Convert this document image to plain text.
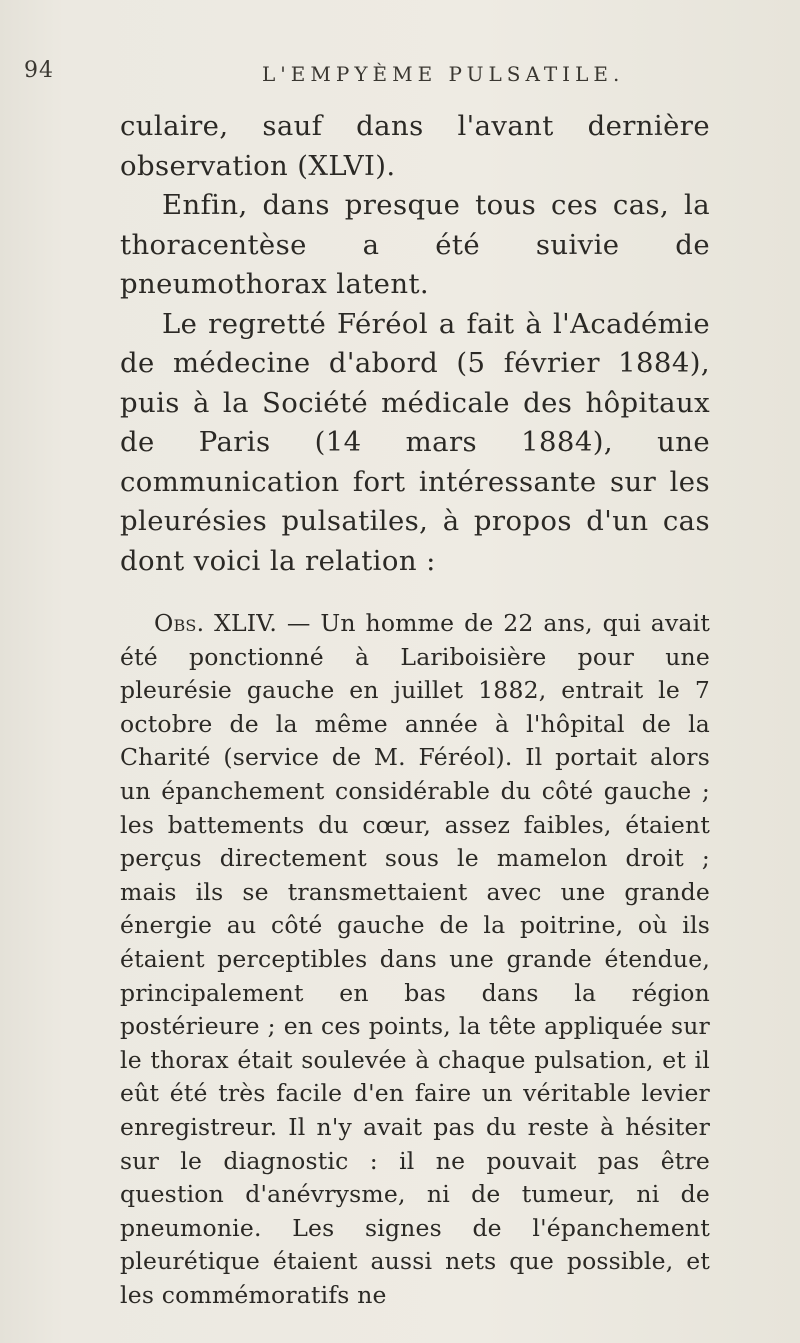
94	L'EMPYÈME PULSATILE.

culaire, sauf dans l'avant dernière observation (XLVI).

Enfin, dans presque tous ces cas, la thoracentèse a été suivie de pneumothorax latent.

Le regretté Féréol a fait à l'Académie de médecine d'abord (5 février 1884), puis à la Société médicale des hôpitaux de Paris (14 mars 1884), une communication fort intéressante sur les pleurésies pulsatiles, à propos d'un cas dont voici la relation :

Obs. XLIV. — Un homme de 22 ans, qui avait été ponctionné à Lariboisière pour une pleurésie gauche en juillet 1882, entrait le 7 octobre de la même année à l'hôpital de la Charité (service de M. Féréol). Il portait alors un épanchement considérable du côté gauche ; les battements du cœur, assez faibles, étaient perçus directement sous le mamelon droit ; mais ils se transmettaient avec une grande énergie au côté gauche de la poitrine, où ils étaient perceptibles dans une grande étendue, principalement en bas dans la région postérieure ; en ces points, la tête appliquée sur le thorax était soulevée à chaque pulsation, et il eût été très facile d'en faire un véritable levier enregistreur. Il n'y avait pas du reste à hésiter sur le diagnostic : il ne pouvait pas être question d'anévrysme, ni de tumeur, ni de pneumonie. Les signes de l'épanchement pleurétique étaient aussi nets que possible, et les commémoratifs ne
